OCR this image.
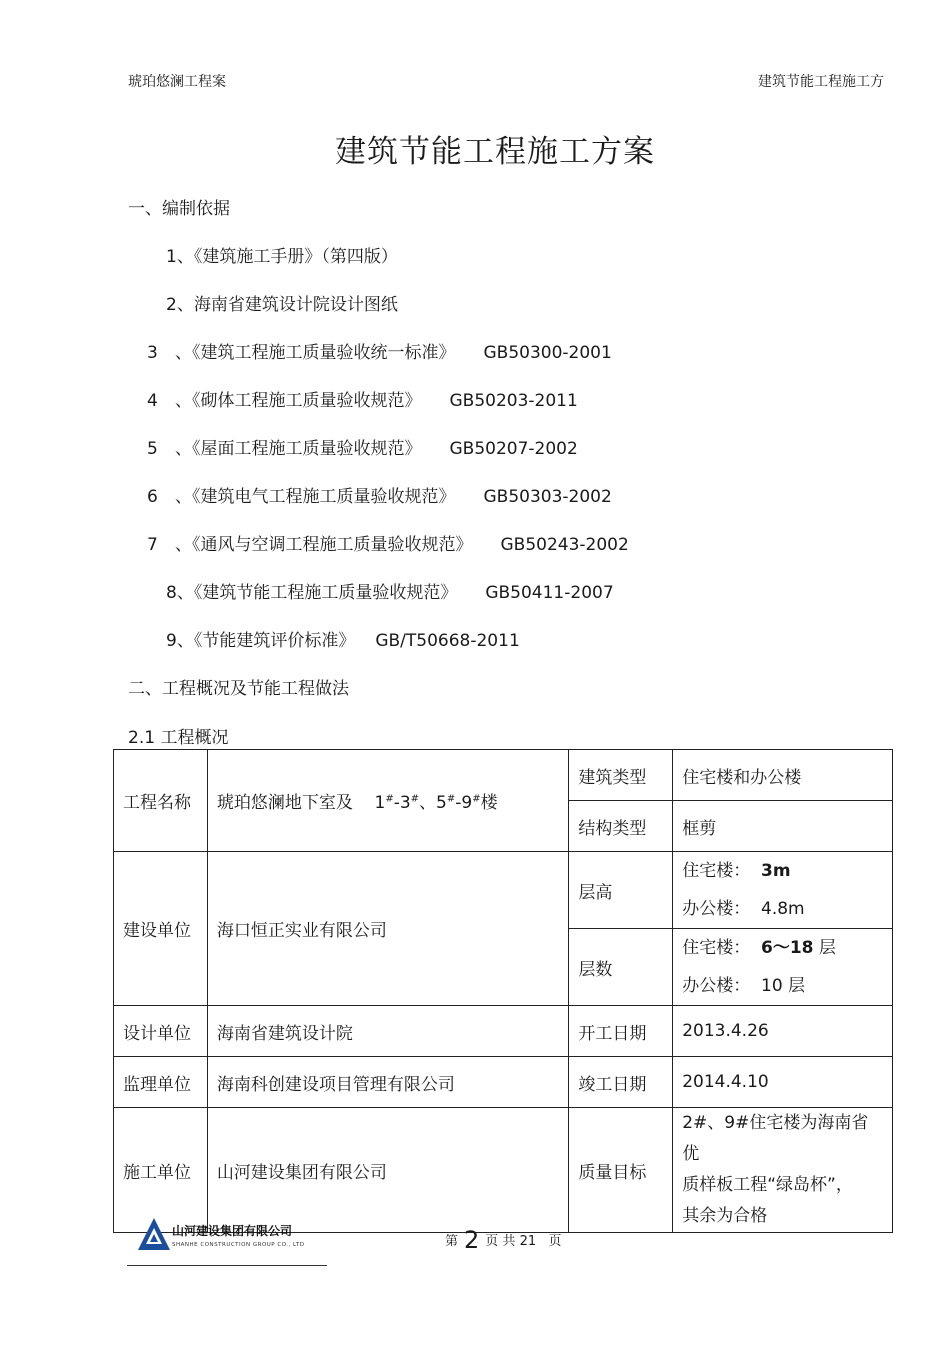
琥珀悠澜工程案	建筑节能工程施工方
建筑节能工程施工方案
一、编制依据
1、《建筑施工手册》（第四版）
2、海南省建筑设计院设计图纸
3 、《建筑工程施工质量验收统一标准》 GB50300-2001
4 、《砌体工程施工质量验收规范》 GB50203-2011
5 、《屋面工程施工质量验收规范》 GB50207-2002
6 、《建筑电气工程施工质量验收规范》 GB50303-2002
7 、《通风与空调工程施工质量验收规范》 GB50243-2002
8、《建筑节能工程施工质量验收规范》 GB50411-2007
9、《节能建筑评价标准》 GB/T50668-2011
二、工程概况及节能工程做法
2.1 工程概况
工程名称	琥珀悠澜地下室及 1#-3#、5#-9#楼	建筑类型	住宅楼和办公楼
		结构类型	框剪
建设单位	海口恒正实业有限公司	层高	住宅楼： 3m
办公楼： 4.8m

		层数	住宅楼： 6～18 层
办公楼： 10 层

设计单位	海南省建筑设计院	开工日期	2013.4.26
监理单位	海南科创建设项目管理有限公司	竣工日期	2014.4.10
施工单位	山河建设集团有限公司	质量目标	2#、9#住宅楼为海南省优
质样板工程“绿岛杯”，
其余为合格
山河建设集团有限公司
SHANHE CONSTRUCTION GROUP CO., LTD	第 2 页 共 21 页
